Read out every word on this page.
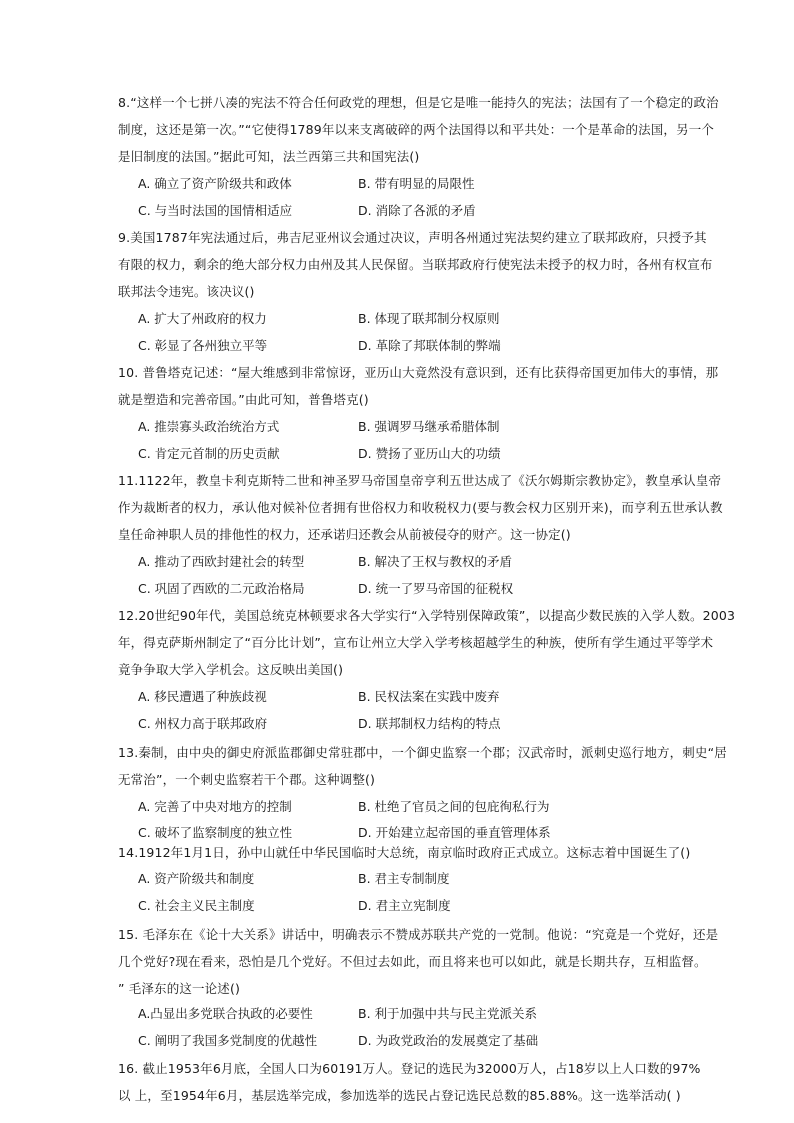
8.“这样一个七拼八凑的宪法不符合任何政党的理想，但是它是唯一能持久的宪法；法国有了一个稳定的政治
制度，这还是第一次。”“它使得1789年以来支离破碎的两个法国得以和平共处：一个是革命的法国，另一个
是旧制度的法国。”据此可知，法兰西第三共和国宪法()
A. 确立了资产阶级共和政体	B. 带有明显的局限性
C. 与当时法国的国情相适应	D. 消除了各派的矛盾
9.美国1787年宪法通过后，弗吉尼亚州议会通过决议，声明各州通过宪法契约建立了联邦政府，只授予其
有限的权力，剩余的绝大部分权力由州及其人民保留。当联邦政府行使宪法未授予的权力时，各州有权宣布
联邦法令违宪。该决议()
A. 扩大了州政府的权力	B. 体现了联邦制分权原则
C. 彰显了各州独立平等	D. 革除了邦联体制的弊端
10. 普鲁塔克记述：“屋大维感到非常惊讶，亚历山大竟然没有意识到，还有比获得帝国更加伟大的事情，那
就是塑造和完善帝国。”由此可知，普鲁塔克()
A. 推崇寡头政治统治方式	B. 强调罗马继承希腊体制
C. 肯定元首制的历史贡献	D. 赞扬了亚历山大的功绩
11.1122年，教皇卡利克斯特二世和神圣罗马帝国皇帝亨利五世达成了《沃尔姆斯宗教协定》，教皇承认皇帝
作为裁断者的权力，承认他对候补位者拥有世俗权力和收税权力(要与教会权力区别开来)，而亨利五世承认教
皇任命神职人员的排他性的权力，还承诺归还教会从前被侵夺的财产。这一协定()
A. 推动了西欧封建社会的转型	B. 解决了王权与教权的矛盾
C. 巩固了西欧的二元政治格局	D. 统一了罗马帝国的征税权
12.20世纪90年代，美国总统克林顿要求各大学实行“入学特别保障政策”，以提高少数民族的入学人数。2003
年，得克萨斯州制定了“百分比计划”，宣布让州立大学入学考核超越学生的种族，使所有学生通过平等学术
竟争争取大学入学机会。这反映出美国()
A. 移民遭遇了种族歧视	B. 民权法案在实践中废弃
C. 州权力高于联邦政府	D. 联邦制权力结构的特点
13.秦制，由中央的御史府派监郡御史常驻郡中，一个御史监察一个郡；汉武帝时，派刺史巡行地方，刺史“居
无常治”，一个刺史监察若干个郡。这种调整()
A. 完善了中央对地方的控制	B. 杜绝了官员之间的包庇徇私行为
C. 破坏了监察制度的独立性	D. 开始建立起帝国的垂直管理体系
14.1912年1月1日，孙中山就任中华民国临时大总统，南京临时政府正式成立。这标志着中国诞生了()
A. 资产阶级共和制度	B. 君主专制制度
C. 社会主义民主制度	D. 君主立宪制度
15. 毛泽东在《论十大关系》讲话中，明确表示不赞成苏联共产党的一党制。他说：“究竟是一个党好，还是
几个党好?现在看来，恐怕是几个党好。不但过去如此，而且将来也可以如此，就是长期共存，互相监督。
” 毛泽东的这一论述()
A.凸显出多党联合执政的必要性	B. 利于加强中共与民主党派关系
C. 阐明了我国多党制度的优越性	D. 为政党政治的发展奠定了基础
16. 截止1953年6月底，全国人口为60191万人。登记的选民为32000万人，占18岁以上人口数的97%
以 上，至1954年6月，基层选举完成，参加选举的选民占登记选民总数的85.88%。这一选举活动( )
